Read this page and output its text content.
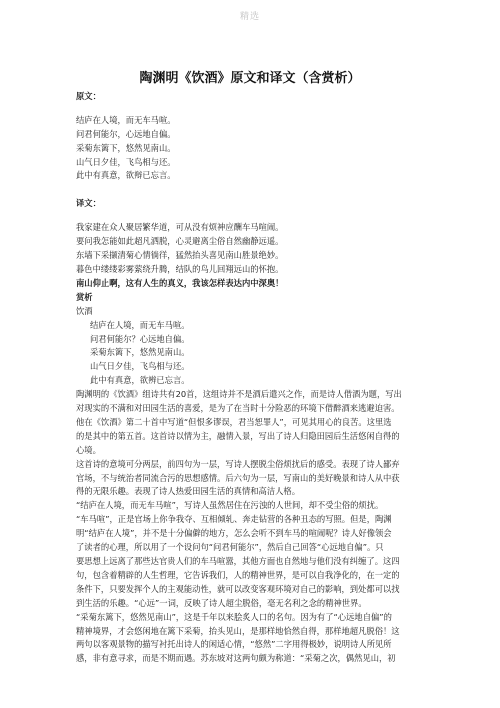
精选
陶渊明《饮酒》原文和译文（含赏析）
原文：
结庐在人境，而无车马喧。
问君何能尔，心远地自偏。
采菊东篱下，悠然见南山。
山气日夕佳，飞鸟相与还。
此中有真意，欲辩已忘言。
译文：
我家建在众人聚居繁华道，可从没有烦神应酬车马喧闹。
要问我怎能如此超凡洒脱，心灵避离尘俗自然幽静远遥。
东墙下采撷清菊心情徜徉，猛然抬头喜见南山胜景绝妙。
暮色中缕缕彩雾萦绕升腾，结队的鸟儿回翔远山的怀抱。
南山仰止啊，这有人生的真义，我该怎样表达内中深奥！
赏析
饮酒
结庐在人境，而无车马喧。
问君何能尔？心远地自偏。
采菊东篱下，悠然见南山。
山气日夕佳，飞鸟相与还。
此中有真意，欲辨已忘言。
陶渊明的《饮酒》组诗共有20首，这组诗并不是酒后遣兴之作，而是诗人借酒为题，写出
对现实的不满和对田园生活的喜爱，是为了在当时十分险恶的环境下借醉酒来逃避迫害。
他在《饮酒》第二十首中写道“但恨多谬误，君当恕罪人”，可见其用心的良苦。这里选
的是其中的第五首。这首诗以情为主，融情入景，写出了诗人归隐田园后生活悠闲自得的
心境。
这首诗的意境可分两层，前四句为一层，写诗人摆脱尘俗烦扰后的感受。表现了诗人鄙弃
官场，不与统治者同流合污的思想感情。后六句为一层，写南山的美好晚景和诗人从中获
得的无限乐趣。表现了诗人热爱田园生活的真情和高洁人格。
“结庐在人境，而无车马喧”，写诗人虽然居住在污浊的人世间，却不受尘俗的烦扰。
“车马喧”，正是官场上你争我夺、互相倾轧、奔走钻营的各种丑态的写照。但是，陶渊
明“结庐在人境”，并不是十分偏僻的地方，怎么会听不到车马的喧闹呢？诗人好像领会
了读者的心理，所以用了一个设问句“问君何能尔”，然后自己回答“心远地自偏”。只
要思想上远离了那些达官贵人们的车马喧嚣，其他方面也自然地与他们没有纠缠了。这四
句，包含着精辟的人生哲理，它告诉我们，人的精神世界，是可以自我净化的，在一定的
条件下，只要发挥个人的主观能动性，就可以改变客观环境对自己的影响，到处都可以找
到生活的乐趣。“心远”一词，反映了诗人超尘脱俗，毫无名利之念的精神世界。
“采菊东篱下，悠然见南山”，这是千年以来脍炙人口的名句。因为有了“心远地自偏”的
精神境界，才会悠闲地在篱下采菊，抬头见山，是那样地恰然自得，那样地超凡脱俗！这
两句以客观景物的描写衬托出诗人的闲适心情，“悠然”二字用得极妙，说明诗人所见所
感，非有意寻求，而是不期而遇。苏东坡对这两句颇为称道：“采菊之次，偶然见山，初
